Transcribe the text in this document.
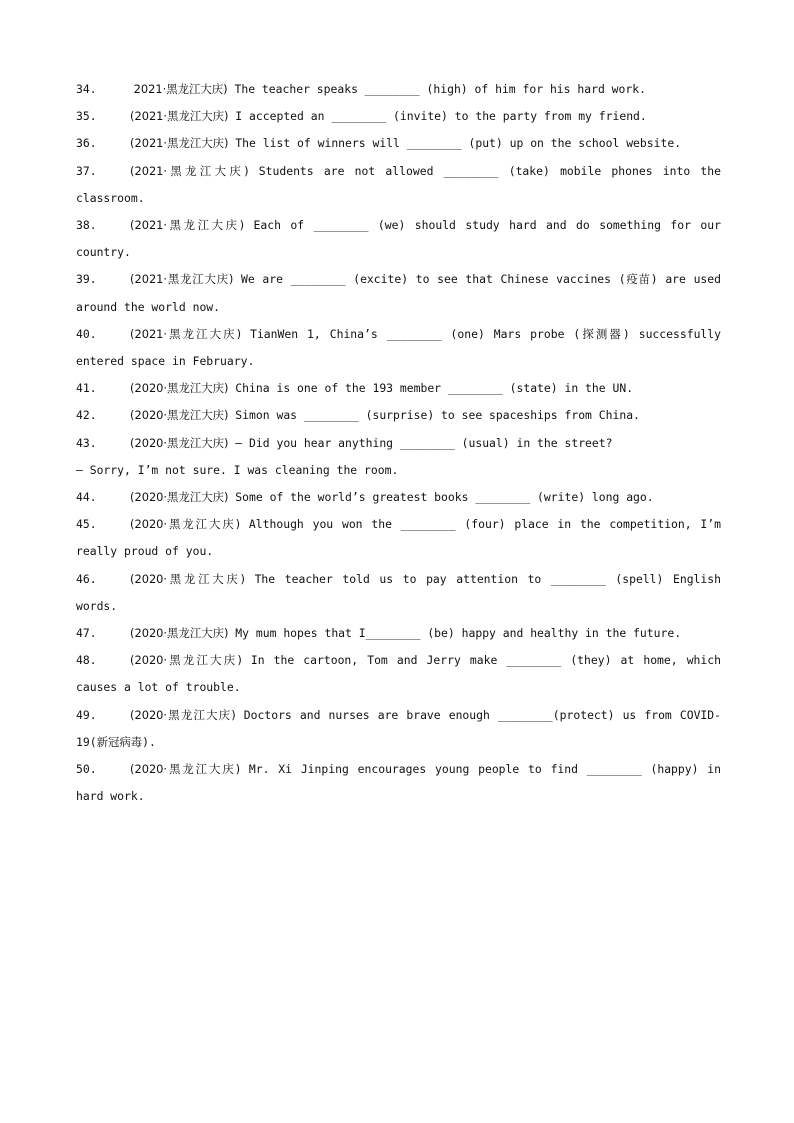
34.	2021·黑龙江大庆) The teacher speaks ________ (high) of him for his hard work.

35.	(2021·黑龙江大庆) I accepted an ________ (invite) to the party from my friend.

36.	(2021·黑龙江大庆) The list of winners will ________ (put) up on the school website.

37.	(2021·黑龙江大庆) Students are not allowed ________ (take) mobile phones into the classroom.

38.	(2021·黑龙江大庆) Each of ________ (we) should study hard and do something for our country.

39.	(2021·黑龙江大庆) We are ________ (excite) to see that Chinese vaccines (疫苗) are used around the world now.

40.	(2021·黑龙江大庆) TianWen 1, China’s ________ (one) Mars probe (探测器) successfully entered space in February.

41.	(2020·黑龙江大庆) China is one of the 193 member ________ (state) in the UN.

42.	(2020·黑龙江大庆) Simon was ________ (surprise) to see spaceships from China.

43.	(2020·黑龙江大庆) — Did you hear anything ________ (usual) in the street?

— Sorry, I’m not sure. I was cleaning the room.

44.	(2020·黑龙江大庆) Some of the world’s greatest books ________ (write) long ago.

45.	(2020·黑龙江大庆) Although you won the ________ (four) place in the competition, I’m really proud of you.

46.	(2020·黑龙江大庆) The teacher told us to pay attention to ________ (spell) English words.

47.	(2020·黑龙江大庆) My mum hopes that I________ (be) happy and healthy in the future.

48.	(2020·黑龙江大庆) In the cartoon, Tom and Jerry make ________ (they) at home, which causes a lot of trouble.

49.	(2020·黑龙江大庆) Doctors and nurses are brave enough ________(protect) us from COVID-19(新冠病毒).

50.	(2020·黑龙江大庆) Mr. Xi Jinping encourages young people to find ________ (happy) in hard work.
